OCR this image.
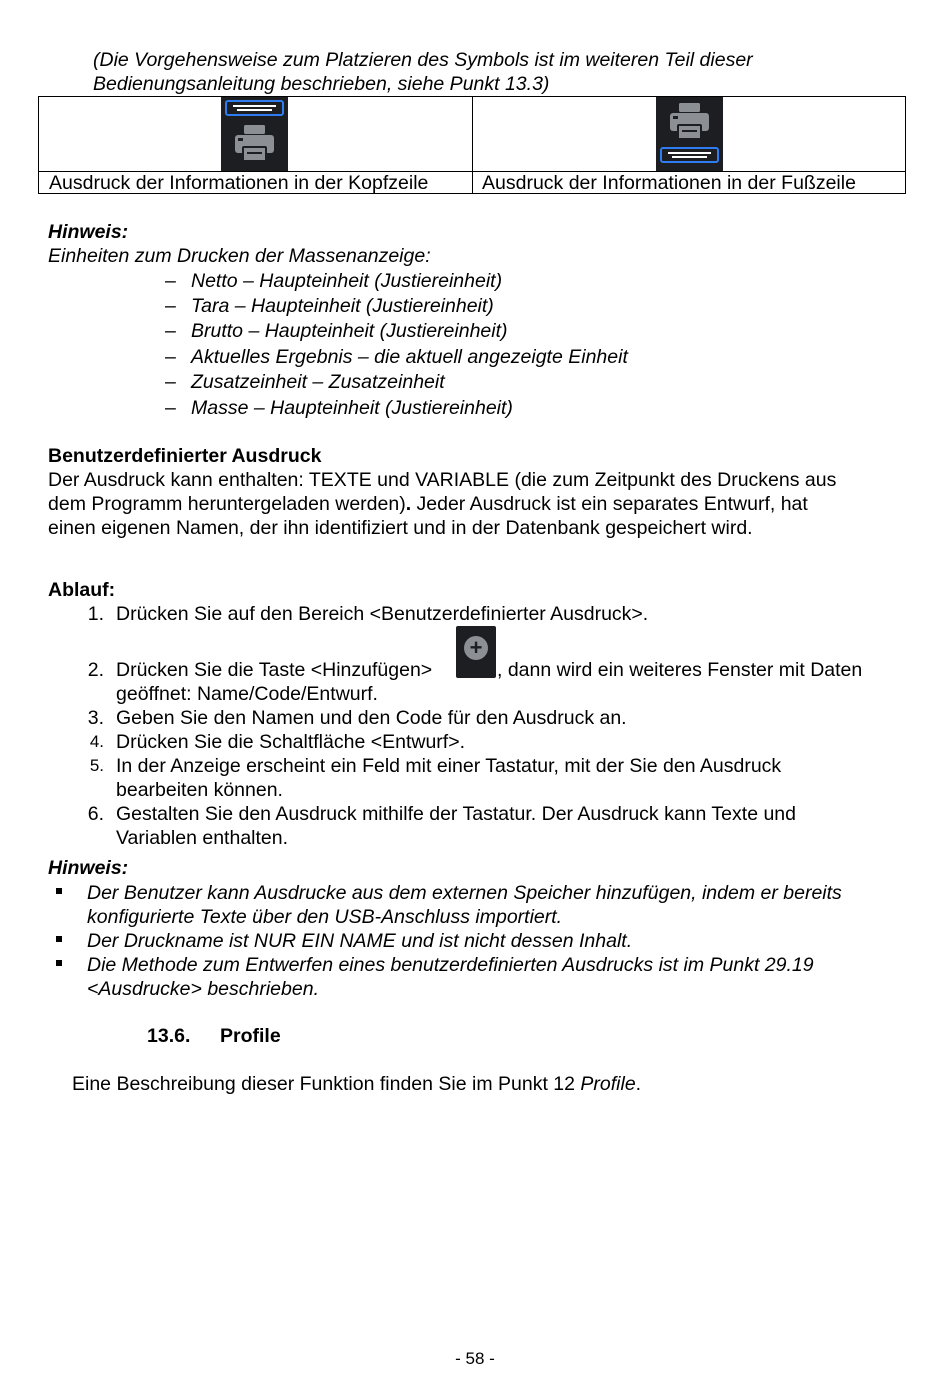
(Die Vorgehensweise zum Platzieren des Symbols ist im weiteren Teil dieser
Bedienungsanleitung beschrieben, siehe Punkt 13.3)
Ausdruck der Informationen in der Kopfzeile	Ausdruck der Informationen in der Fußzeile
Hinweis:
Einheiten zum Drucken der Massenanzeige:
– Netto – Haupteinheit (Justiereinheit)
– Tara – Haupteinheit (Justiereinheit)
– Brutto – Haupteinheit (Justiereinheit)
– Aktuelles Ergebnis – die aktuell angezeigte Einheit
– Zusatzeinheit – Zusatzeinheit
– Masse – Haupteinheit (Justiereinheit)
Benutzerdefinierter Ausdruck
Der Ausdruck kann enthalten: TEXTE und VARIABLE (die zum Zeitpunkt des Druckens aus
dem Programm heruntergeladen werden). Jeder Ausdruck ist ein separates Entwurf, hat
einen eigenen Namen, der ihn identifiziert und in der Datenbank gespeichert wird.
Ablauf:
1. Drücken Sie auf den Bereich <Benutzerdefinierter Ausdruck>.
2. Drücken Sie die Taste <Hinzufügen>
+
, dann wird ein weiteres Fenster mit Daten
geöffnet: Name/Code/Entwurf.
3. Geben Sie den Namen und den Code für den Ausdruck an.
4. Drücken Sie die Schaltfläche <Entwurf>.
5. In der Anzeige erscheint ein Feld mit einer Tastatur, mit der Sie den Ausdruck
bearbeiten können.
6. Gestalten Sie den Ausdruck mithilfe der Tastatur. Der Ausdruck kann Texte und
Variablen enthalten.
Hinweis:
Der Benutzer kann Ausdrucke aus dem externen Speicher hinzufügen, indem er bereits
konfigurierte Texte über den USB-Anschluss importiert.
Der Druckname ist NUR EIN NAME und ist nicht dessen Inhalt.
Die Methode zum Entwerfen eines benutzerdefinierten Ausdrucks ist im Punkt 29.19
<Ausdrucke> beschrieben.
13.6. Profile
Eine Beschreibung dieser Funktion finden Sie im Punkt 12 Profile.
- 58 -
